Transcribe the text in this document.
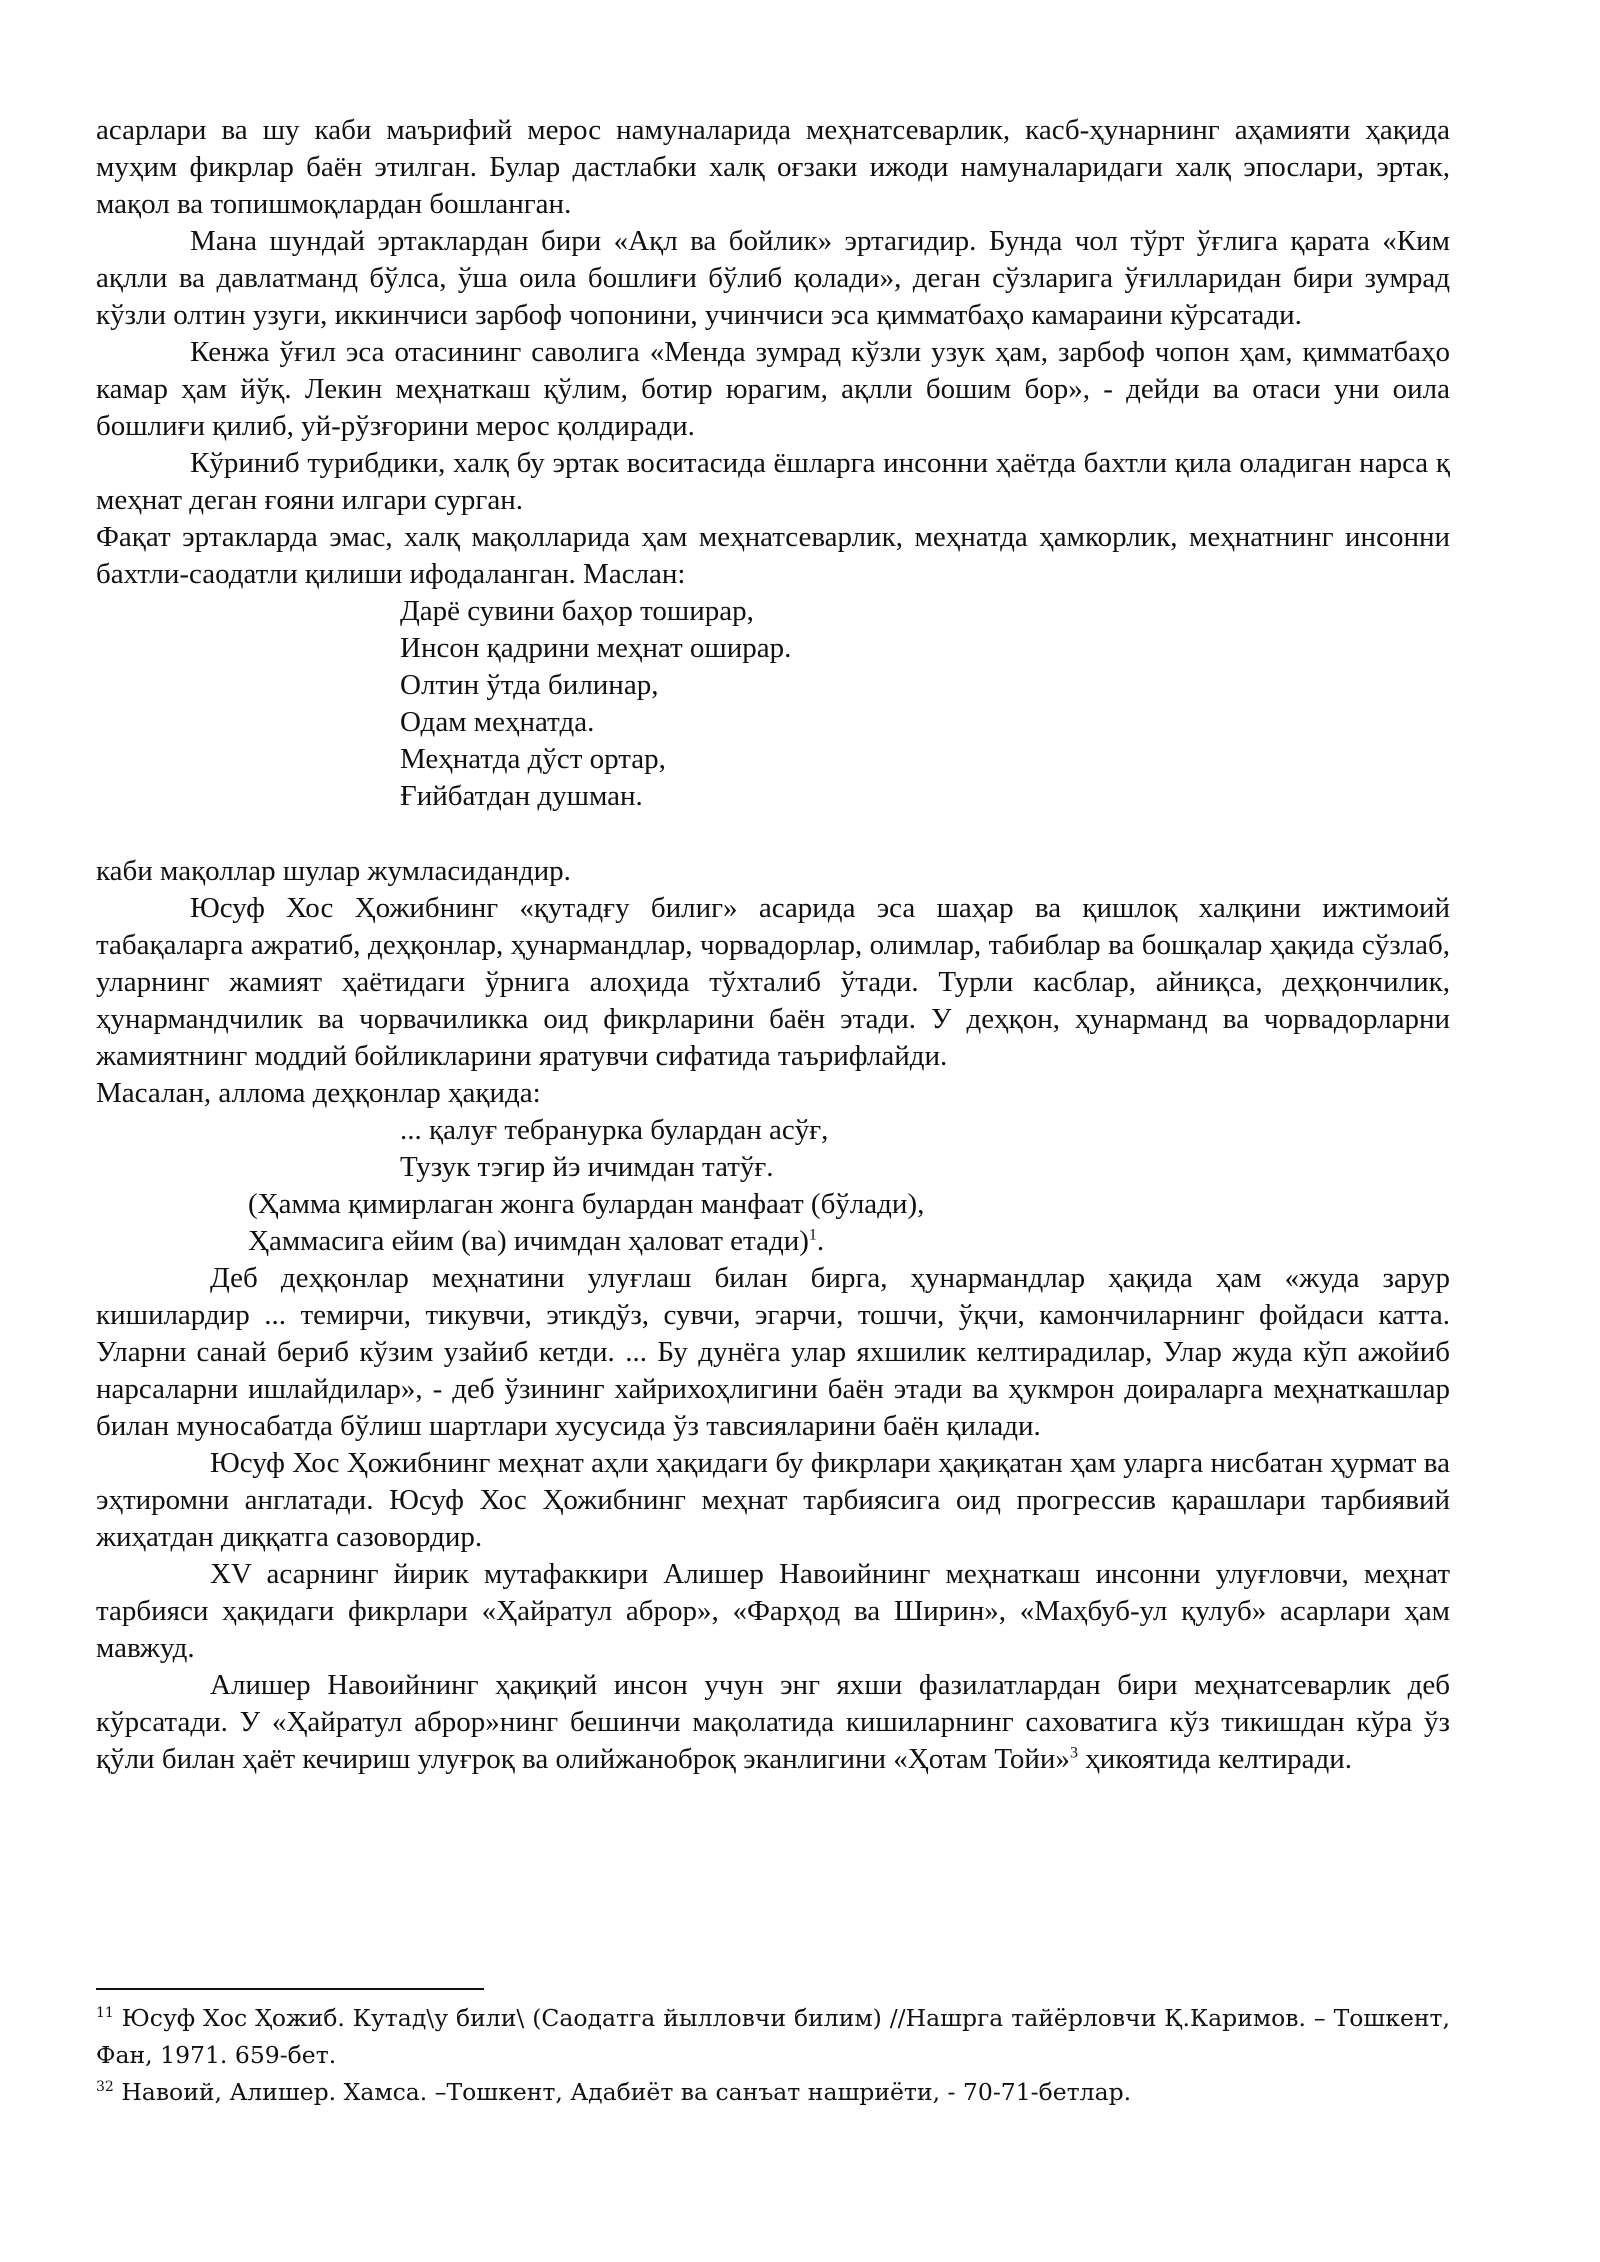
асарлари ва шу каби маърифий мерос намуналарида меҳнатсеварлик, касб-ҳунарнинг аҳамияти ҳақида муҳим фикрлар баён этилган. Булар дастлабки халқ оғзаки ижоди намуналаридаги халқ эпослари, эртак, мақол ва топишмоқлардан бошланган.

Мана шундай эртаклардан бири «Ақл ва бойлик» эртагидир. Бунда чол тўрт ўғлига қарата «Ким ақлли ва давлатманд бўлса, ўша оила бошлиғи бўлиб қолади», деган сўзларига ўғилларидан бири зумрад кўзли олтин узуги, иккинчиси зарбоф чопонини, учинчиси эса қимматбаҳо камараини кўрсатади.

Кенжа ўғил эса отасининг саволига «Менда зумрад кўзли узук ҳам, зарбоф чопон ҳам, қимматбаҳо камар ҳам йўқ. Лекин меҳнаткаш қўлим, ботир юрагим, ақлли бошим бор», - дейди ва отаси уни оила бошлиғи қилиб, уй-рўзғорини мерос қолдиради.

Кўриниб турибдики, халқ бу эртак воситасида ёшларга инсонни ҳаётда бахтли қила оладиган нарса қ меҳнат деган ғояни илгари сурган.

Фақат эртакларда эмас, халқ мақолларида ҳам меҳнатсеварлик, меҳнатда ҳамкорлик, меҳнатнинг инсонни бахтли-саодатли қилиши ифодаланган. Маслан:

Дарё сувини баҳор тоширар,
Инсон қадрини меҳнат оширар.
Олтин ўтда билинар,
Одам меҳнатда.
Меҳнатда дўст ортар,
Ғийбатдан душман.

каби мақоллар шулар жумласидандир.

Юсуф Хос Ҳожибнинг «қутадғу билиг» асарида эса шаҳар ва қишлоқ халқини ижтимоий табақаларга ажратиб, деҳқонлар, ҳунармандлар, чорвадорлар, олимлар, табиблар ва бошқалар ҳақида сўзлаб, уларнинг жамият ҳаётидаги ўрнига алоҳида тўхталиб ўтади. Турли касблар, айниқса, деҳқончилик, ҳунармандчилик ва чорвачиликка оид фикрларини баён этади. У деҳқон, ҳунарманд ва чорвадорларни жамиятнинг моддий бойликларини яратувчи сифатида таърифлайди.

Масалан, аллома деҳқонлар ҳақида:

... қалуғ тебранурка булардан асўғ,
Тузук тэгир йэ ичимдан татўғ.
(Ҳамма қимирлаган жонга булардан манфаат (бўлади),
Ҳаммасига ейим (ва) ичимдан ҳаловат етади)$^1$.

Деб деҳқонлар меҳнатини улуғлаш билан бирга, ҳунармандлар ҳақида ҳам «жуда зарур кишилардир ... темирчи, тикувчи, этикдўз, сувчи, эгарчи, тошчи, ўқчи, камончиларнинг фойдаси катта. Уларни санай бериб кўзим узайиб кетди. ... Бу дунёга улар яхшилик келтирадилар, Улар жуда кўп ажойиб нарсаларни ишлайдилар», - деб ўзининг хайрихоҳлигини баён этади ва ҳукмрон доираларга меҳнаткашлар билан муносабатда бўлиш шартлари хусусида ўз тавсияларини баён қилади.

Юсуф Хос Ҳожибнинг меҳнат аҳли ҳақидаги бу фикрлари ҳақиқатан ҳам уларга нисбатан ҳурмат ва эҳтиромни англатади. Юсуф Хос Ҳожибнинг меҳнат тарбиясига оид прогрессив қарашлари тарбиявий жиҳатдан диққатга сазовордир.

XV асарнинг йирик мутафаккири Алишер Навоийнинг меҳнаткаш инсонни улуғловчи, меҳнат тарбияси ҳақидаги фикрлари «Ҳайратул аброр», «Фарҳод ва Ширин», «Маҳбуб-ул қулуб» асарлари ҳам мавжуд.

Алишер Навоийнинг ҳақиқий инсон учун энг яхши фазилатлардан бири меҳнатсеварлик деб кўрсатади. У «Ҳайратул аброр»нинг бешинчи мақолатида кишиларнинг саховатига кўз тикишдан кўра ўз қўли билан ҳаёт кечириш улуғроқ ва олийжаноброқ эканлигини «Ҳотам Тойи»$^3$ ҳикоятида келтиради.

$^{11}$ Юсуф Хос Ҳожиб. Кутад\у били\ (Саодатга йылловчи билим) //Нашрга тайёрловчи Қ.Каримов. – Тошкент, Фан, 1971. 659-бет.

$^{32}$ Навоий, Алишер. Хамса. –Тошкент, Адабиёт ва санъат нашриёти, - 70-71-бетлар.
